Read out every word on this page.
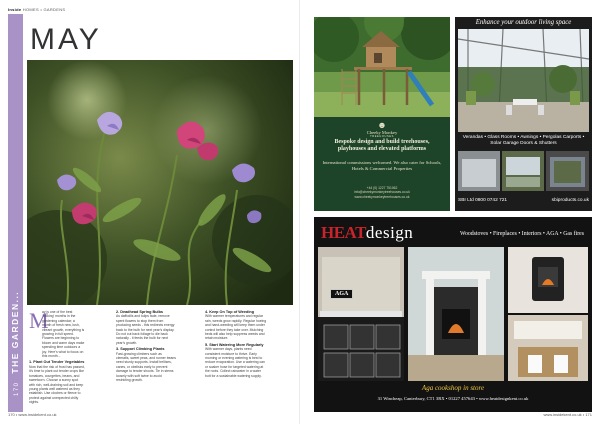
Inside HOMES • GARDENS
170 THE GARDEN...
MAY
M

ay is one of the best ‘looking’ months in the gardening calendar; a month of fresh new, lush, vibrant growth, everything is growing in full speed. Flowers are beginning to bloom and warm days make spending time outdoors a joy. Here’s what to focus on this month...

1. Plant Out Tender Vegetables

Now that the risk of frost has passed, it’s time to plant out tender crops like tomatoes, courgettes, beans, and sweetcorn. Choose a sunny spot with rich, well-draining soil and keep young plants well watered as they establish. Use cloches or fleece to protect against unexpected chilly nights.

2. Deadhead Spring Bulbs

As daffodils and tulips fade, remove spent flowers to stop them from producing seeds - this redirects energy back to the bulb for next year’s display. Do not cut back foliage to die back naturally - it feeds the bulb for next year’s growth.

3. Support Climbing Plants

Fast-growing climbers such as clematis, sweet peas, and runner beans need sturdy supports. Install trellises, canes, or obelisks early to prevent damage to tender shoots. Tie in stems loosely with soft twine to avoid restricting growth.

4. Keep On Top of Weeding

With warmer temperatures and regular rain, weeds grow rapidly. Regular hoeing and hand-weeding will keep them under control before they take over. Mulching beds will also help suppress weeds and retain moisture.

5. Start Watering More Regularly

With warmer days, plants need consistent moisture to thrive. Early morning or evening watering is best to reduce evaporation. Use a watering can or soaker hose for targeted watering at the roots. Collect rainwater in a water butt for a sustainable watering supply.

170 • www.insidekent.co.uk
☻
Cheeky Monkey
TREEHOUSES
Bespoke design and build treehouses, playhouses and elevated platforms
International commissions welcomed. We also cater for Schools, Hotels & Commercial Properties
+44 (0) 1227 751062
info@cheekymonkeytreehouses.co.uk
www.cheekymonkeytreehouses.co.uk
Enhance your outdoor living space
Verandas • Glass Rooms • Awnings • Pergolas Carports • Solar Garage Doors & Shutters
SBI Ltd 0800 0742 721	sbiproducts.co.uk
HEATdesign	Woodstoves • Fireplaces • Interiors • AGA • Gas fires
AGA
Aga cookshop in store
31 Wincheap, Canterbury, CT1 3RX • 01227 457643 • www.heatdesignkent.co.uk
www.insidekent.co.uk • 171
